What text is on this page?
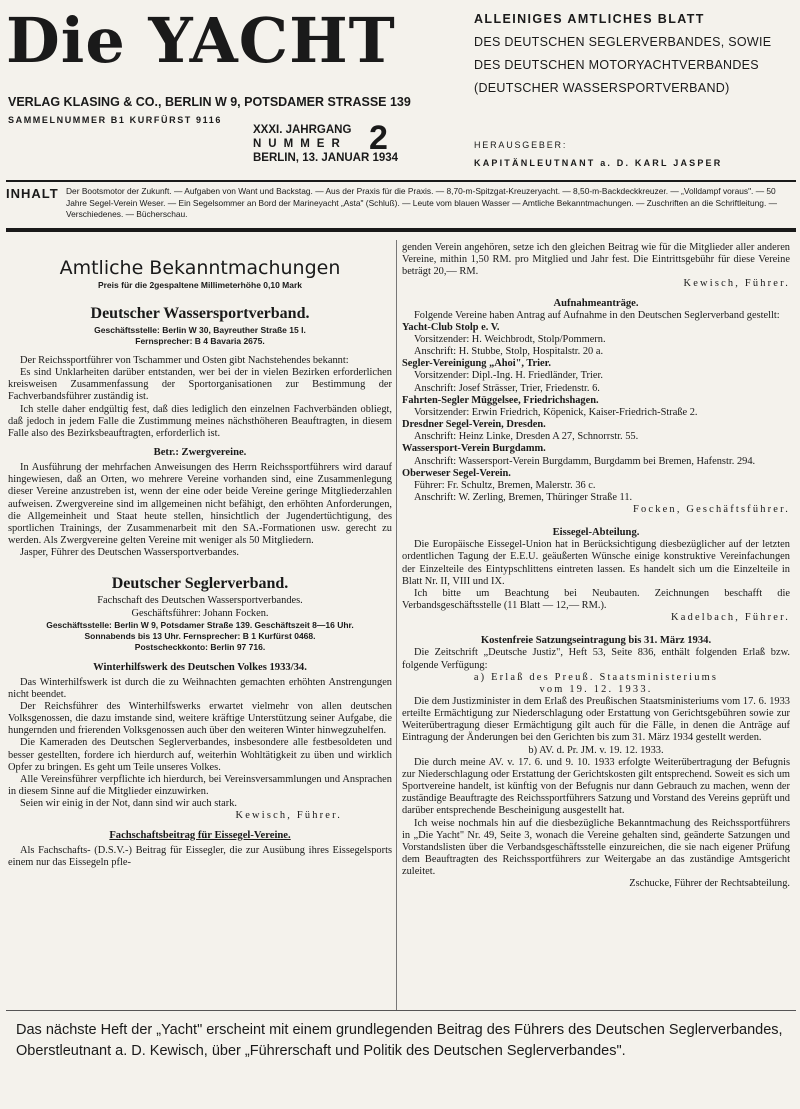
Die YACHT
VERLAG KLASING & CO., BERLIN W 9, POTSDAMER STRASSE 139
SAMMELNUMMER B1 KURFÜRST 9116
XXXI. JAHRGANG
NUMMER
BERLIN, 13. JANUAR 1934
2
ALLEINIGES AMTLICHES BLATT
DES DEUTSCHEN SEGLERVERBANDES, SOWIE
DES DEUTSCHEN MOTORYACHTVERBANDES
(DEUTSCHER WASSERSPORTVERBAND)
HERAUSGEBER:
KAPITÄNLEUTNANT a. D. KARL JASPER
INHALT Der Bootsmotor der Zukunft. — Aufgaben von Want und Backstag. — Aus der Praxis für die Praxis. — 8,70-m-Spitzgat-Kreuzeryacht. — 8,50-m-Backdeckkreuzer. — „Volldampf voraus". — 50 Jahre Segel-Verein Weser. — Ein Segelsommer an Bord der Marineyacht „Asta" (Schluß). — Leute vom blauen Wasser — Amtliche Bekanntmachungen. — Zuschriften an die Schriftleitung. — Verschiedenes. — Bücherschau.
Amtliche Bekanntmachungen
Preis für die 2gespaltene Millimeterhöhe 0,10 Mark
Deutscher Wassersportverband.
Geschäftsstelle: Berlin W 30, Bayreuther Straße 15 I.
Fernsprecher: B 4 Bavaria 2675.

Der Reichssportführer von Tschammer und Osten gibt Nachstehendes bekannt:

Es sind Unklarheiten darüber entstanden, wer bei der in vielen Bezirken erforderlichen kreisweisen Zusammenfassung der Sportorganisationen zur Bestimmung der Fachverbandsführer zuständig ist.

Ich stelle daher endgültig fest, daß dies lediglich den einzelnen Fachverbänden obliegt, daß jedoch in jedem Falle die Zustimmung meines nächsthöheren Beauftragten, in diesem Falle also des Bezirksbeauftragten, erforderlich ist.

Betr.: Zwergvereine.

In Ausführung der mehrfachen Anweisungen des Herrn Reichssportführers wird darauf hingewiesen, daß an Orten, wo mehrere Vereine vorhanden sind, eine Zusammenlegung dieser Vereine anzustreben ist, wenn der eine oder beide Vereine geringe Mitgliederzahlen aufweisen. Zwergvereine sind im allgemeinen nicht befähigt, den erhöhten Anforderungen, die Allgemeinheit und Staat heute stellen, hinsichtlich der Jugendertüchtigung, des sportlichen Trainings, der Zusammenarbeit mit den SA.-Formationen usw. gerecht zu werden. Als Zwergvereine gelten Vereine mit weniger als 50 Mitgliedern.

Jasper, Führer des Deutschen Wassersportverbandes.

Deutscher Seglerverband.
Fachschaft des Deutschen Wassersportverbandes.
Geschäftsführer: Johann Focken.
Geschäftsstelle: Berlin W 9, Potsdamer Straße 139. Geschäftszeit 8—16 Uhr.
Sonnabends bis 13 Uhr. Fernsprecher: B 1 Kurfürst 0468.
Postscheckkonto: Berlin 97 716.
Winterhilfswerk des Deutschen Volkes 1933/34.

Das Winterhilfswerk ist durch die zu Weihnachten gemachten erhöhten Anstrengungen nicht beendet.

Der Reichsführer des Winterhilfswerks erwartet vielmehr von allen deutschen Volksgenossen, die dazu imstande sind, weitere kräftige Unterstützung seiner Aufgabe, die hungernden und frierenden Volksgenossen auch über den weiteren Winter hinwegzuhelfen.

Die Kameraden des Deutschen Seglerverbandes, insbesondere alle festbesoldeten und besser gestellten, fordere ich hierdurch auf, weiterhin Wohltätigkeit zu üben und wirklich Opfer zu bringen. Es geht um Teile unseres Volkes.

Alle Vereinsführer verpflichte ich hierdurch, bei Vereinsversammlungen und Ansprachen in diesem Sinne auf die Mitglieder einzuwirken.

Seien wir einig in der Not, dann sind wir auch stark.

Kewisch, Führer.

Fachschaftsbeitrag für Eissegel-Vereine.

Als Fachschafts- (D.S.V.-) Beitrag für Eissegler, die zur Ausübung ihres Eissegelsports einem nur das Eissegeln pfle-

genden Verein angehören, setze ich den gleichen Beitrag wie für die Mitglieder aller anderen Vereine, mithin 1,50 RM. pro Mitglied und Jahr fest. Die Eintrittsgebühr für diese Vereine beträgt 20,— RM.

Kewisch, Führer.

Aufnahmeanträge.

Folgende Vereine haben Antrag auf Aufnahme in den Deutschen Seglerverband gestellt:

Yacht-Club Stolp e. V.
Vorsitzender: H. Weichbrodt, Stolp/Pommern.
Anschrift: H. Stubbe, Stolp, Hospitalstr. 20 a.
Segler-Vereinigung „Ahoi", Trier.
Vorsitzender: Dipl.-Ing. H. Friedländer, Trier.
Anschrift: Josef Strässer, Trier, Friedenstr. 6.
Fahrten-Segler Müggelsee, Friedrichshagen.
Vorsitzender: Erwin Friedrich, Köpenick, Kaiser-Friedrich-Straße 2.
Dresdner Segel-Verein, Dresden.
Anschrift: Heinz Linke, Dresden A 27, Schnorrstr. 55.
Wassersport-Verein Burgdamm.
Anschrift: Wassersport-Verein Burgdamm, Burgdamm bei Bremen, Hafenstr. 294.
Oberweser Segel-Verein.
Führer: Fr. Schultz, Bremen, Malerstr. 36 c.
Anschrift: W. Zerling, Bremen, Thüringer Straße 11.

Focken, Geschäftsführer.

Eissegel-Abteilung.

Die Europäische Eissegel-Union hat in Berücksichtigung diesbezüglicher auf der letzten ordentlichen Tagung der E.E.U. geäußerten Wünsche einige konstruktive Vereinfachungen der Einzelteile des Eintypschlittens eintreten lassen. Es handelt sich um die Einzelteile in Blatt Nr. II, VIII und IX.

Ich bitte um Beachtung bei Neubauten. Zeichnungen beschafft die Verbandsgeschäftsstelle (11 Blatt — 12,— RM.).

Kadelbach, Führer.

Kostenfreie Satzungseintragung bis 31. März 1934.

Die Zeitschrift „Deutsche Justiz", Heft 53, Seite 836, enthält folgenden Erlaß bzw. folgende Verfügung:

a) Erlaß des Preuß. Staatsministeriums

vom 19. 12. 1933.

Die dem Justizminister in dem Erlaß des Preußischen Staatsministeriums vom 17. 6. 1933 erteilte Ermächtigung zur Niederschlagung oder Erstattung von Gerichtsgebühren sowie zur Weiterübertragung dieser Ermächtigung gilt auch für die Fälle, in denen die Anträge auf Eintragung der Änderungen bei den Gerichten bis zum 31. März 1934 gestellt werden.

b) AV. d. Pr. JM. v. 19. 12. 1933.

Die durch meine AV. v. 17. 6. und 9. 10. 1933 erfolgte Weiterübertragung der Befugnis zur Niederschlagung oder Erstattung der Gerichtskosten gilt entsprechend. Soweit es sich um Sportvereine handelt, ist künftig von der Befugnis nur dann Gebrauch zu machen, wenn der zuständige Beauftragte des Reichssportführers Satzung und Vorstand des Vereins geprüft und darüber entsprechende Bescheinigung ausgestellt hat.

Ich weise nochmals hin auf die diesbezügliche Bekanntmachung des Reichssportführers in „Die Yacht" Nr. 49, Seite 3, wonach die Vereine gehalten sind, geänderte Satzungen und Vorstandslisten über die Verbandsgeschäftsstelle einzureichen, die sie nach eigener Prüfung dem Beauftragten des Reichssportführers zur Weitergabe an das zuständige Amtsgericht zuleitet.

Zschucke, Führer der Rechtsabteilung.

Das nächste Heft der „Yacht" erscheint mit einem grundlegenden Beitrag des Führers des Deutschen Seglerverbandes, Oberstleutnant a. D. Kewisch, über „Führerschaft und Politik des Deutschen Seglerverbandes".
